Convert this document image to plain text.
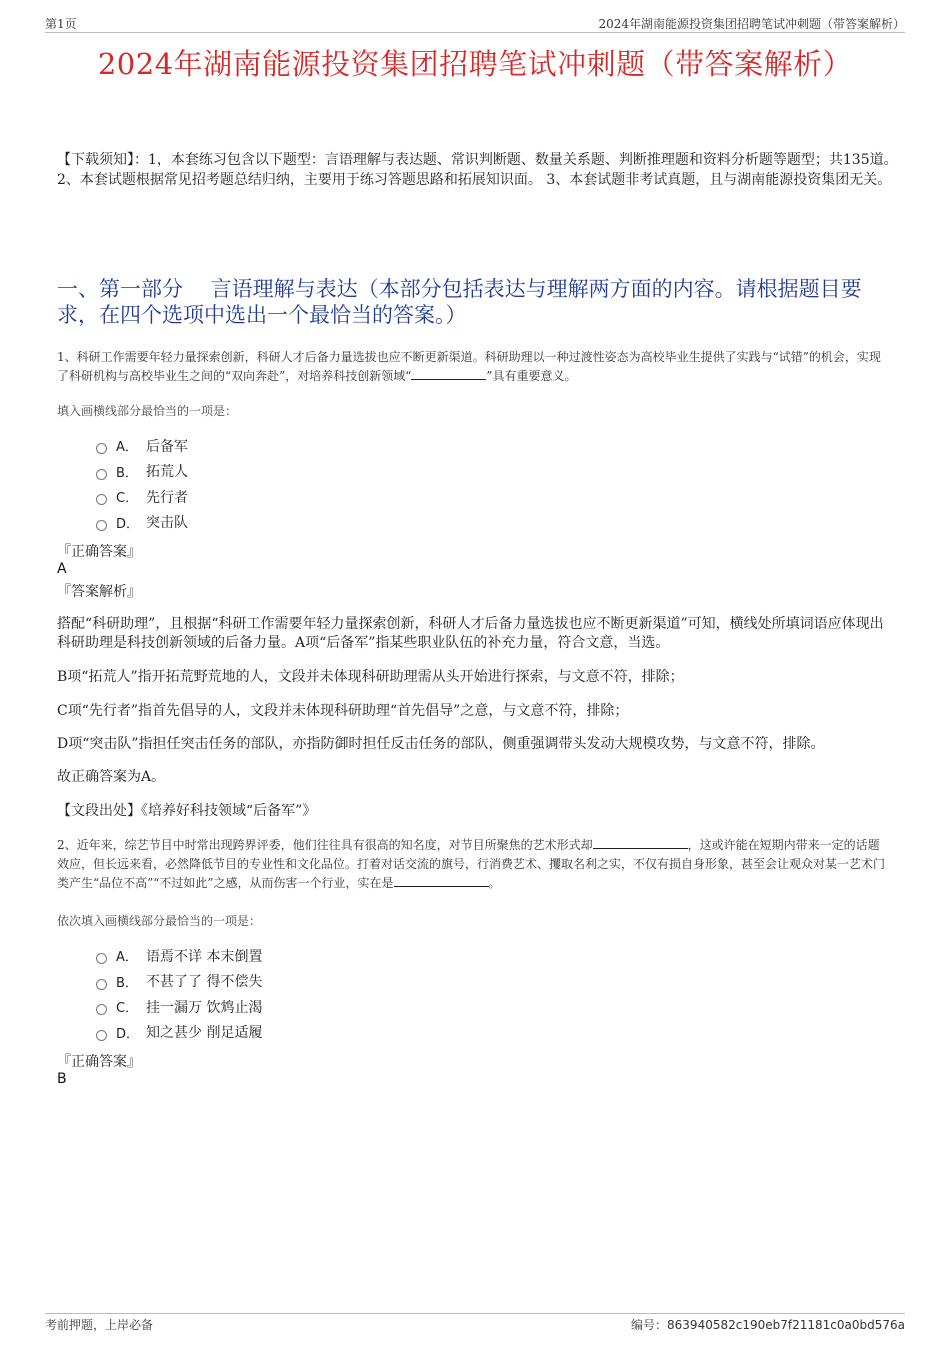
第1页	2024年湖南能源投资集团招聘笔试冲刺题（带答案解析）
2024年湖南能源投资集团招聘笔试冲刺题（带答案解析）
【下载须知】：1，本套练习包含以下题型：言语理解与表达题、常识判断题、数量关系题、判断推理题和资料分析题等题型；共135道。 2、本套试题根据常见招考题总结归纳，主要用于练习答题思路和拓展知识面。 3、本套试题非考试真题，且与湖南能源投资集团无关。
一、第一部分　 言语理解与表达（本部分包括表达与理解两方面的内容。请根据题目要求，在四个选项中选出一个最恰当的答案。）
1、科研工作需要年轻力量探索创新，科研人才后备力量选拔也应不断更新渠道。科研助理以一种过渡性姿态为高校毕业生提供了实践与“试错”的机会，实现了科研机构与高校毕业生之间的“双向奔赴”，对培养科技创新领域“	”具有重要意义。
填入画横线部分最恰当的一项是：
A． 后备军
B． 拓荒人
C． 先行者
D． 突击队
『正确答案』
A
『答案解析』
搭配“科研助理”，且根据“科研工作需要年轻力量探索创新，科研人才后备力量选拔也应不断更新渠道”可知，横线处所填词语应体现出科研助理是科技创新领域的后备力量。A项“后备军”指某些职业队伍的补充力量，符合文意，当选。
B项“拓荒人”指开拓荒野荒地的人，文段并未体现科研助理需从头开始进行探索，与文意不符，排除；
C项“先行者”指首先倡导的人，文段并未体现科研助理“首先倡导”之意，与文意不符，排除；
D项“突击队”指担任突击任务的部队，亦指防御时担任反击任务的部队，侧重强调带头发动大规模攻势，与文意不符，排除。
故正确答案为A。
【文段出处】《培养好科技领域“后备军”》
2、近年来，综艺节目中时常出现跨界评委，他们往往具有很高的知名度，对节目所聚焦的艺术形式却	，这或许能在短期内带来一定的话题效应，但长远来看，必然降低节目的专业性和文化品位。打着对话交流的旗号，行消费艺术、攫取名利之实，不仅有损自身形象，甚至会让观众对某一艺术门类产生“品位不高”“不过如此”之感，从而伤害一个行业，实在是	。
依次填入画横线部分最恰当的一项是：
A． 语焉不详 本末倒置
B． 不甚了了 得不偿失
C． 挂一漏万 饮鸩止渴
D． 知之甚少 削足适履
『正确答案』
B
考前押题，上岸必备	编号：863940582c190eb7f21181c0a0bd576a
